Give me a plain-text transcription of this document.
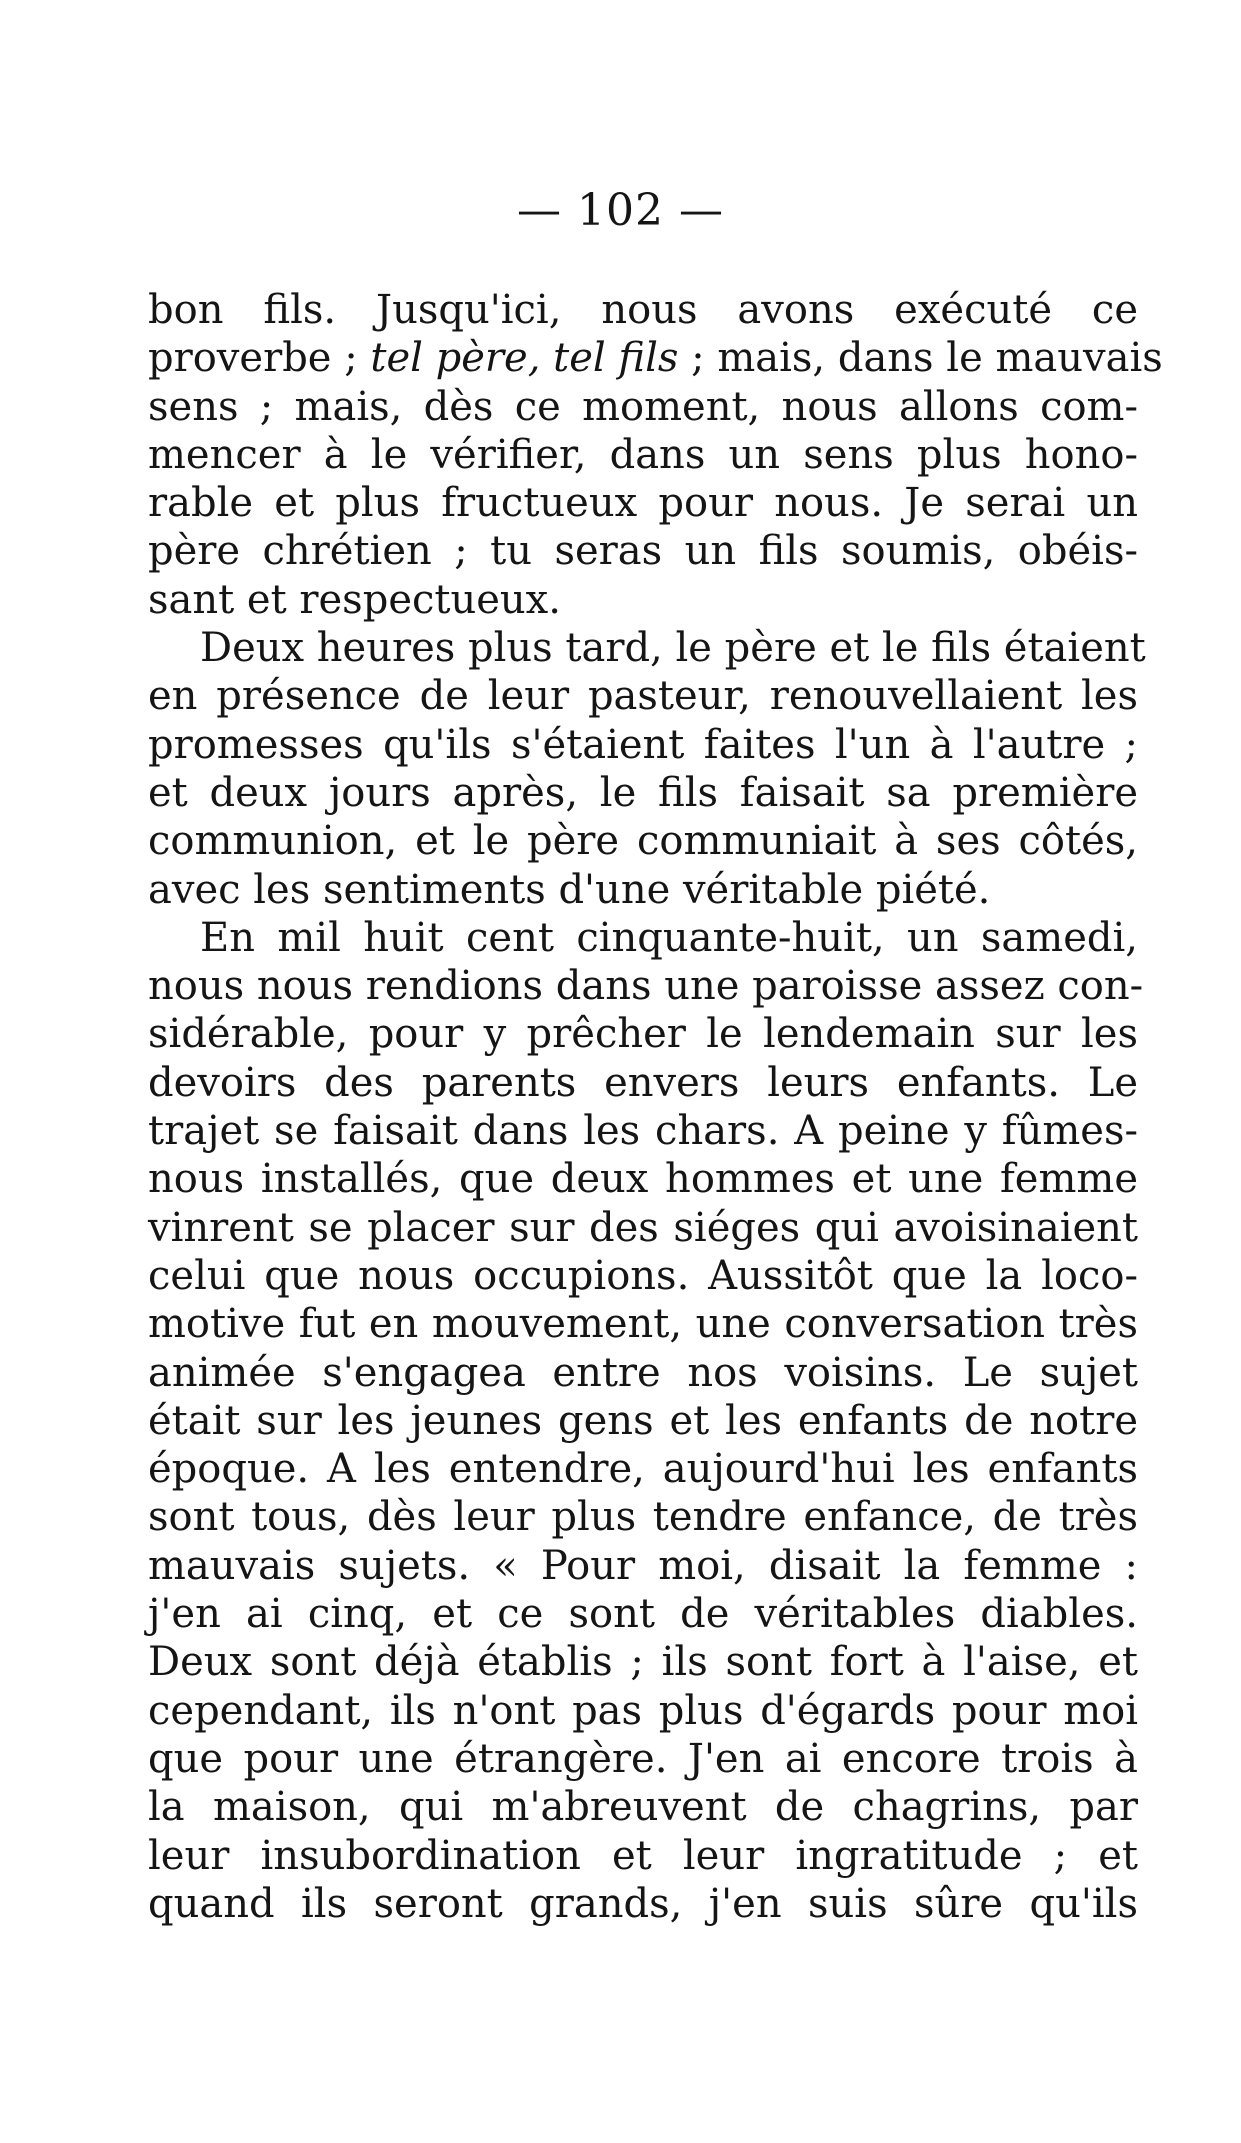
— 102 —
bon fils. Jusqu'ici, nous avons exécuté ce
proverbe ; tel père, tel fils ; mais, dans le mauvais
sens ; mais, dès ce moment, nous allons com-
mencer à le vérifier, dans un sens plus hono-
rable et plus fructueux pour nous. Je serai un
père chrétien ; tu seras un fils soumis, obéis-
sant et respectueux.
Deux heures plus tard, le père et le fils étaient
en présence de leur pasteur, renouvellaient les
promesses qu'ils s'étaient faites l'un à l'autre ;
et deux jours après, le fils faisait sa première
communion, et le père communiait à ses côtés,
avec les sentiments d'une véritable piété.
En mil huit cent cinquante-huit, un samedi,
nous nous rendions dans une paroisse assez con-
sidérable, pour y prêcher le lendemain sur les
devoirs des parents envers leurs enfants. Le
trajet se faisait dans les chars. A peine y fûmes-
nous installés, que deux hommes et une femme
vinrent se placer sur des siéges qui avoisinaient
celui que nous occupions. Aussitôt que la loco-
motive fut en mouvement, une conversation très
animée s'engagea entre nos voisins. Le sujet
était sur les jeunes gens et les enfants de notre
époque. A les entendre, aujourd'hui les enfants
sont tous, dès leur plus tendre enfance, de très
mauvais sujets. « Pour moi, disait la femme :
j'en ai cinq, et ce sont de véritables diables.
Deux sont déjà établis ; ils sont fort à l'aise, et
cependant, ils n'ont pas plus d'égards pour moi
que pour une étrangère. J'en ai encore trois à
la maison, qui m'abreuvent de chagrins, par
leur insubordination et leur ingratitude ; et
quand ils seront grands, j'en suis sûre qu'ils
